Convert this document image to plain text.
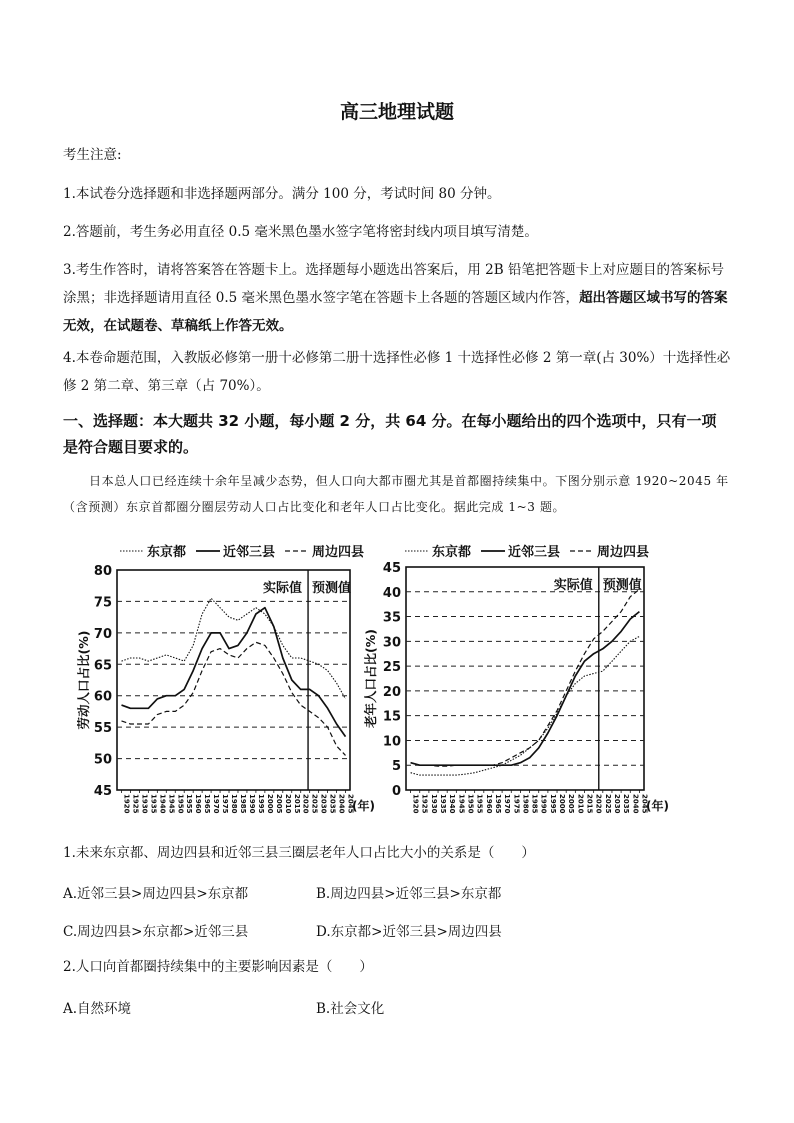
高三地理试题
考生注意:
1.本试卷分选择题和非选择题两部分。满分 100 分，考试时间 80 分钟。
2.答题前，考生务必用直径 0.5 毫米黑色墨水签字笔将密封线内项目填写清楚。
3.考生作答时，请将答案答在答题卡上。选择题每小题选出答案后，用 2B 铅笔把答题卡上对应题目的答案标号涂黑；非选择题请用直径 0.5 毫米黑色墨水签字笔在答题卡上各题的答题区域内作答，超出答题区域书写的答案无效，在试题卷、草稿纸上作答无效。
4.本卷命题范围，入教版必修第一册十必修第二册十选择性必修 1 十选择性必修 2 第一章(占 30%）十选择性必修 2 第二章、第三章（占 70%）。
一、选择题：本大题共 32 小题，每小题 2 分，共 64 分。在每小题给出的四个选项中，只有一项是符合题目要求的。
日本总人口已经连续十余年呈减少态势，但人口向大都市圈尤其是首都圈持续集中。下图分别示意 1920~2045 年（含预测）东京首都圈分圈层劳动人口占比变化和老年人口占比变化。据此完成 1~3 题。
45
50
55
60
65
70
75
80
实际值 预测值
1920 1925 1930 1935 1940 1945 1950 1955 1960 1965 1970 1975 1980 1985 1990 1995 2000 2005 2010 2015 2020 2025 2030 2035 2040 2045
(年)
劳动人口占比(%)
东京都	近邻三县	周边四县
0
5
10
15
20
25
30
35
40
45
实际值 预测值
1920 1925 1930 1935 1940 1945 1950 1955 1960 1965 1970 1975 1980 1985 1990 1995 2000 2005 2010 2015 2020 2025 2030 2035 2040 2045
(年)
老年人口占比(%)
东京都	近邻三县	周边四县
1.未来东京都、周边四县和近邻三县三圈层老年人口占比大小的关系是（　　）
A.近邻三县>周边四县>东京都	B.周边四县>近邻三县>东京都
C.周边四县>东京都>近邻三县	D.东京都>近邻三县>周边四县
2.人口向首都圈持续集中的主要影响因素是（　　）
A.自然环境	B.社会文化
